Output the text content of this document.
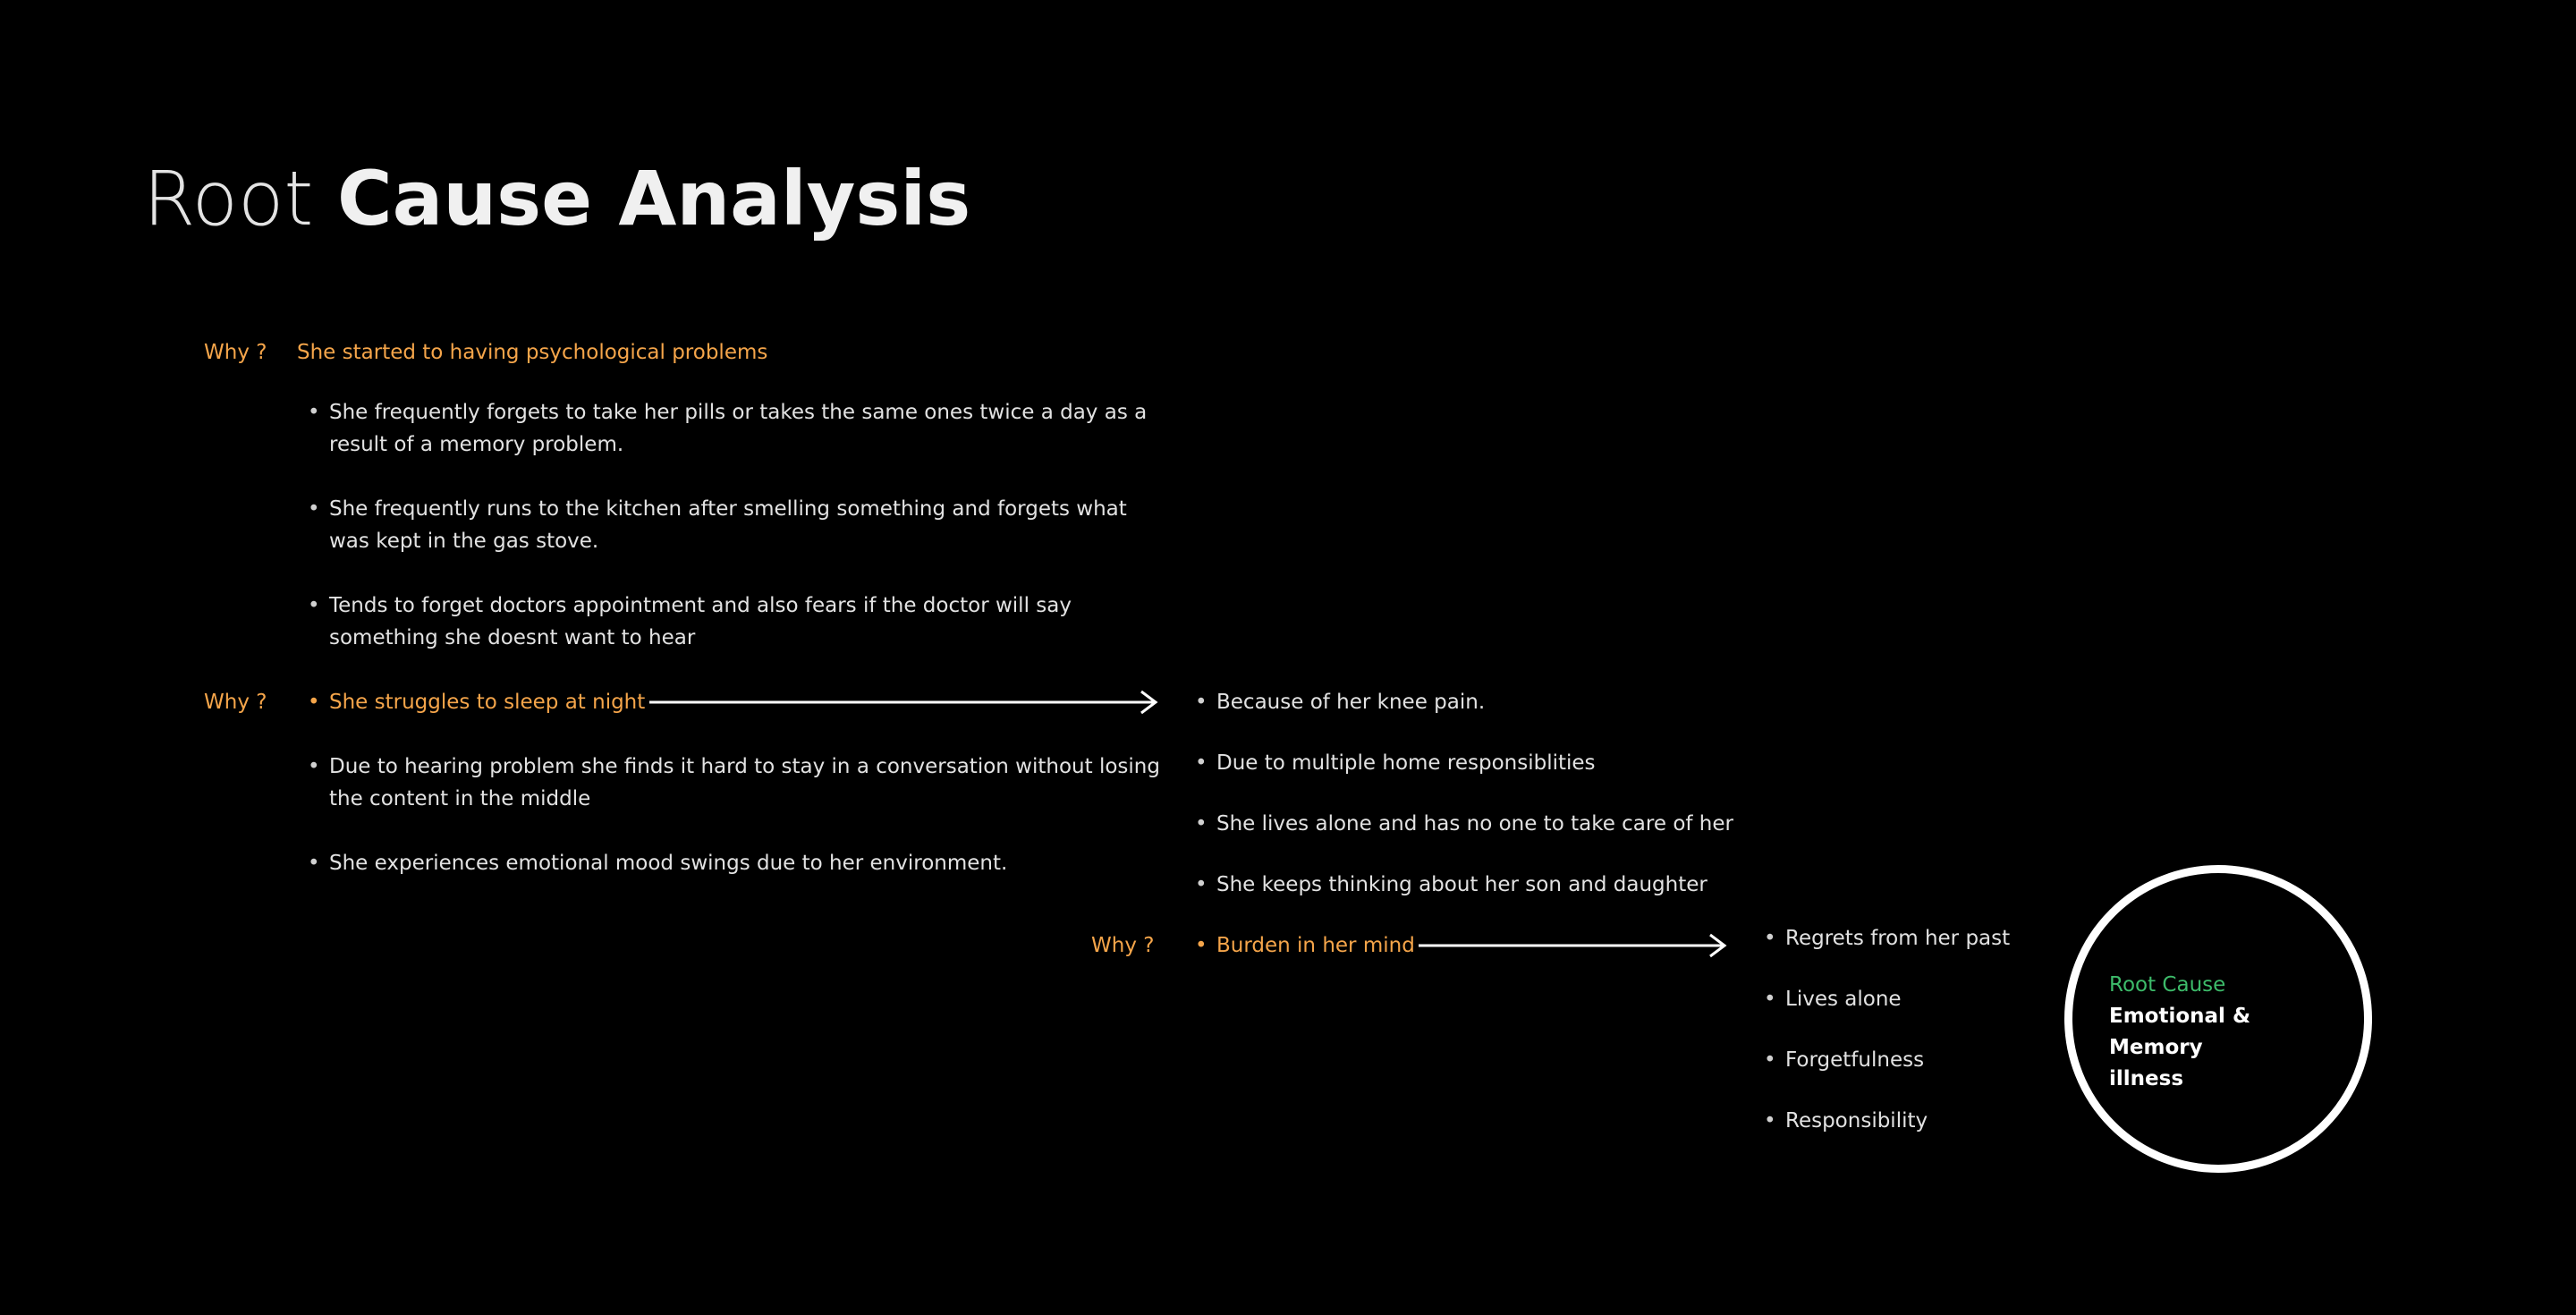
Root Cause Analysis
Why ? She started to having psychological problems
• She frequently forgets to take her pills or takes the same ones twice a day as a
result of a memory problem.
• She frequently runs to the kitchen after smelling something and forgets what
was kept in the gas stove.
• Tends to forget doctors appointment and also fears if the doctor will say
something she doesnt want to hear
Why ? • She struggles to sleep at night
• Due to hearing problem she finds it hard to stay in a conversation without losing
the content in the middle
• She experiences emotional mood swings due to her environment.
• Because of her knee pain.
• Due to multiple home responsiblities
• She lives alone and has no one to take care of her
• She keeps thinking about her son and daughter
Why ? • Burden in her mind	• Regrets from her past
• Lives alone
• Forgetfulness
• Responsibility
Root Cause
Emotional & Memory
illness
